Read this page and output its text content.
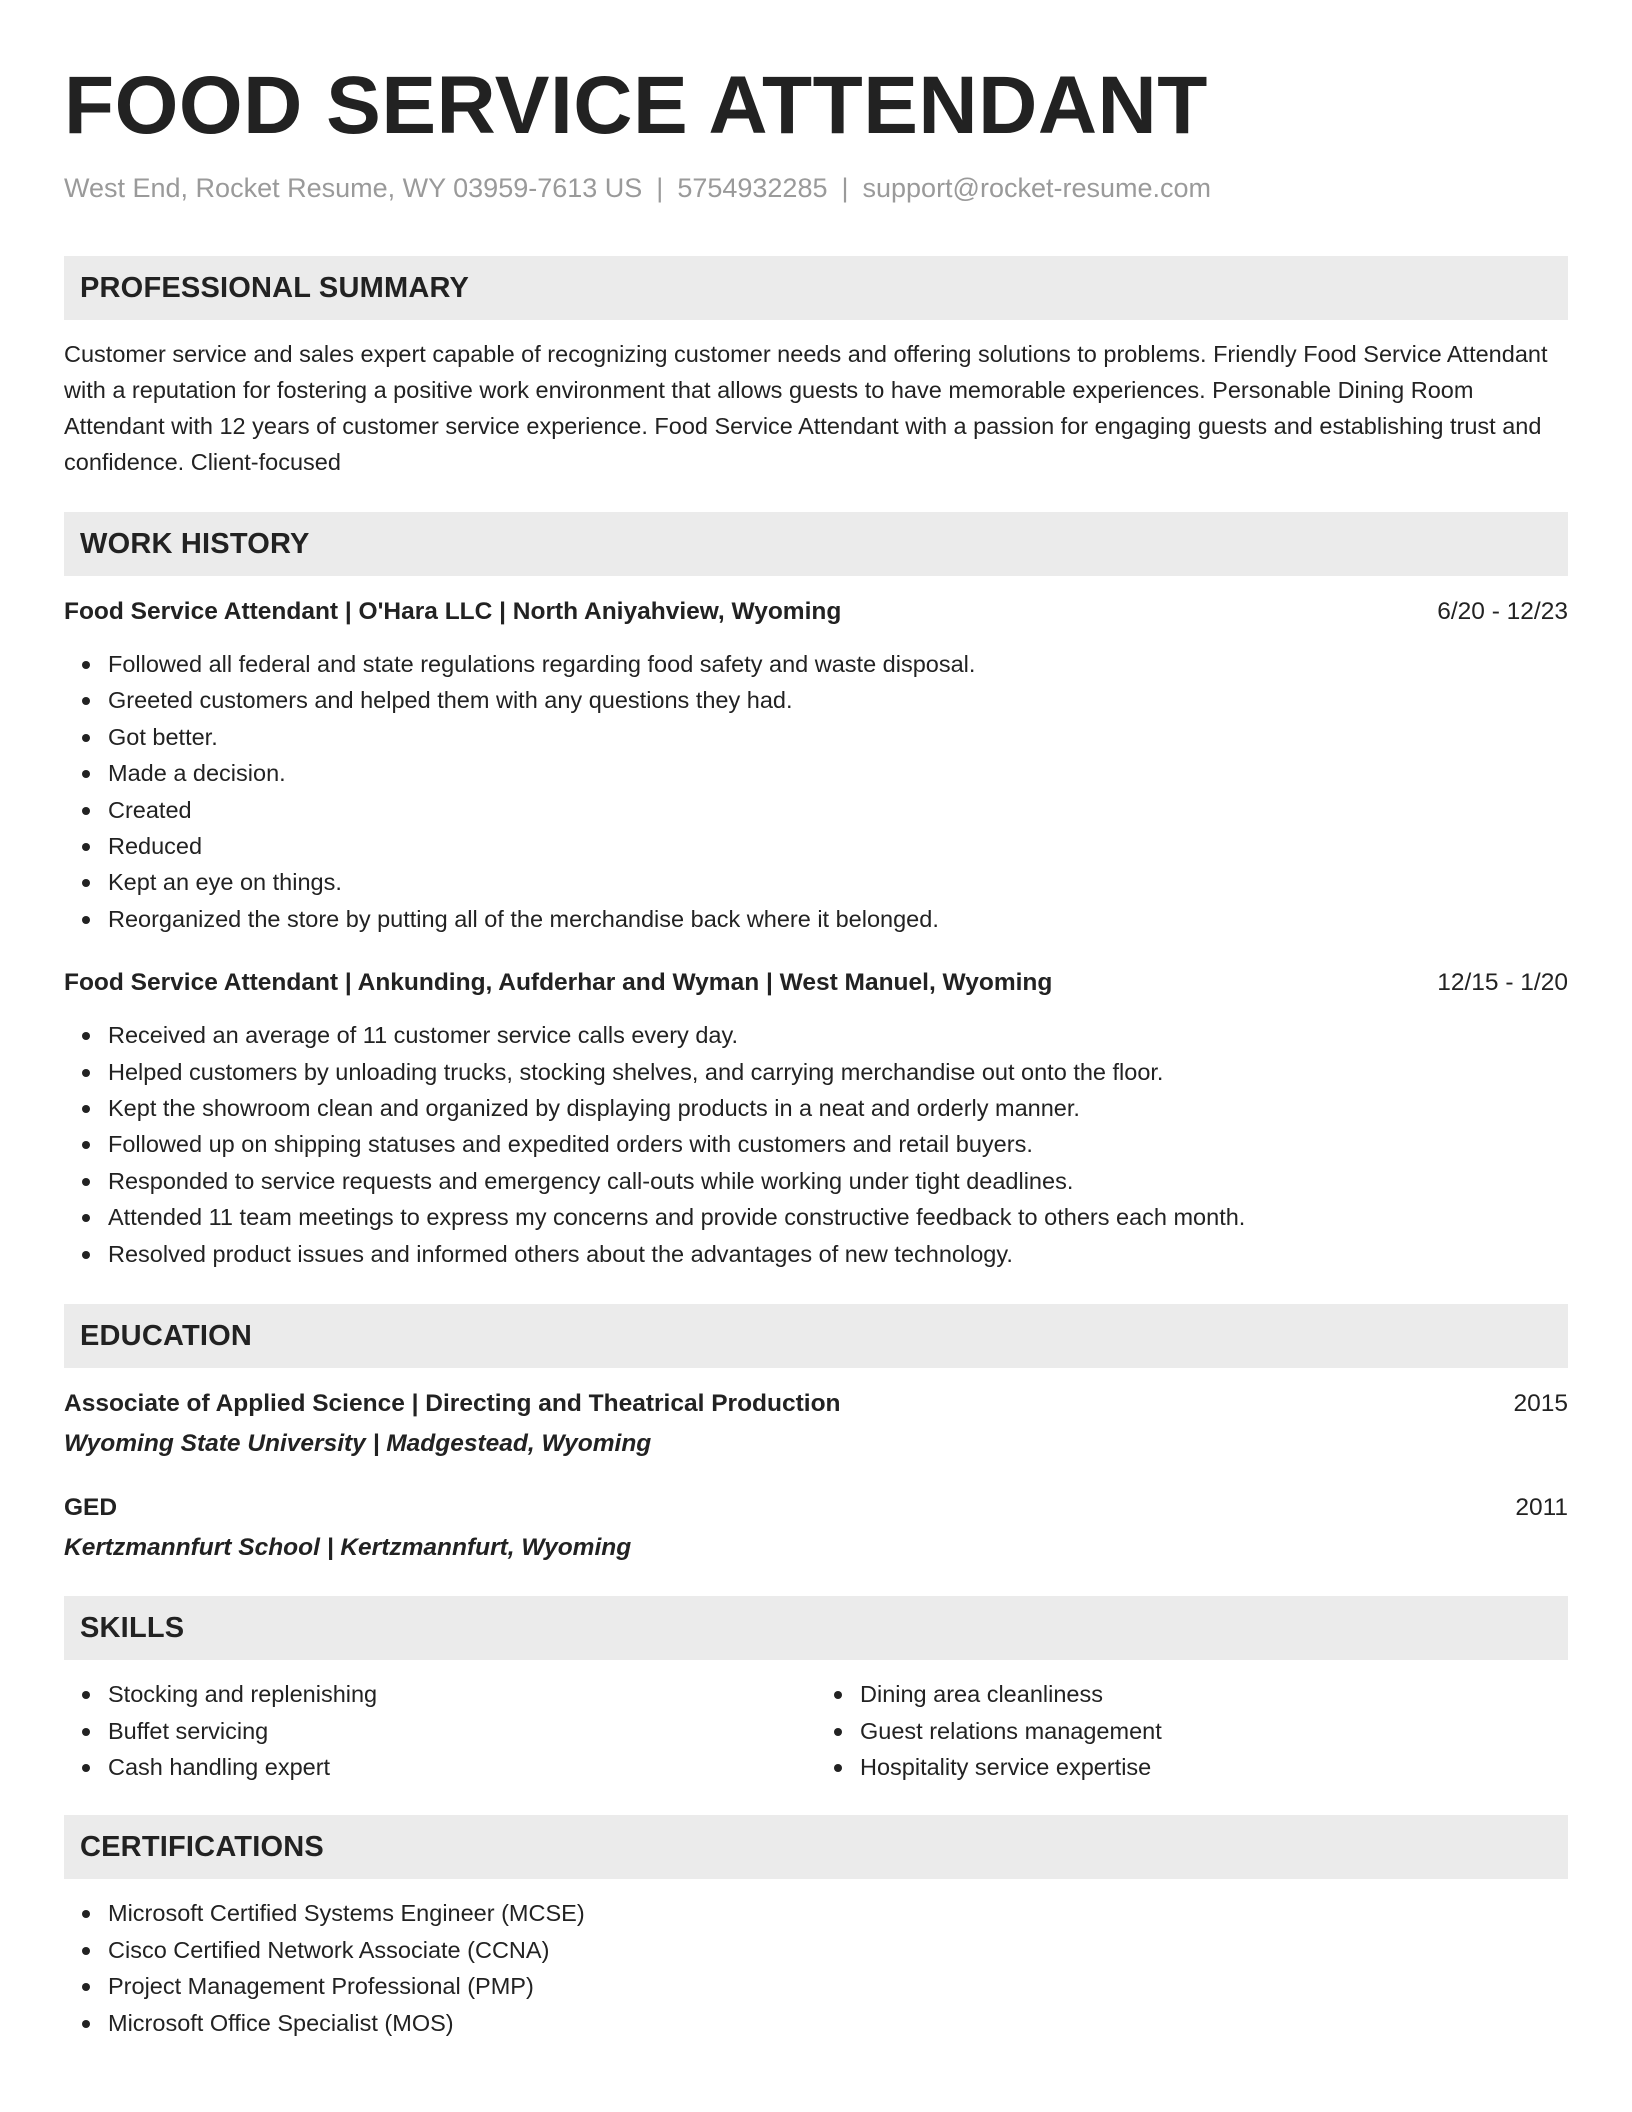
FOOD SERVICE ATTENDANT
West End, Rocket Resume, WY 03959-7613 US | 5754932285 | support@rocket-resume.com
PROFESSIONAL SUMMARY

Customer service and sales expert capable of recognizing customer needs and offering solutions to problems. Friendly Food Service Attendant with a reputation for fostering a positive work environment that allows guests to have memorable experiences. Personable Dining Room Attendant with 12 years of customer service experience. Food Service Attendant with a passion for engaging guests and establishing trust and confidence. Client-focused

WORK HISTORY
Food Service Attendant | O'Hara LLC | North Aniyahview, Wyoming	6/20 - 12/23
Followed all federal and state regulations regarding food safety and waste disposal.
Greeted customers and helped them with any questions they had.
Got better.
Made a decision.
Created
Reduced
Kept an eye on things.
Reorganized the store by putting all of the merchandise back where it belonged.
Food Service Attendant | Ankunding, Aufderhar and Wyman | West Manuel, Wyoming	12/15 - 1/20
Received an average of 11 customer service calls every day.
Helped customers by unloading trucks, stocking shelves, and carrying merchandise out onto the floor.
Kept the showroom clean and organized by displaying products in a neat and orderly manner.
Followed up on shipping statuses and expedited orders with customers and retail buyers.
Responded to service requests and emergency call-outs while working under tight deadlines.
Attended 11 team meetings to express my concerns and provide constructive feedback to others each month.
Resolved product issues and informed others about the advantages of new technology.
EDUCATION
Associate of Applied Science | Directing and Theatrical Production	2015
Wyoming State University | Madgestead, Wyoming
GED	2011
Kertzmannfurt School | Kertzmannfurt, Wyoming
SKILLS
Stocking and replenishing
Buffet servicing
Cash handling expert
Dining area cleanliness
Guest relations management
Hospitality service expertise
CERTIFICATIONS
Microsoft Certified Systems Engineer (MCSE)
Cisco Certified Network Associate (CCNA)
Project Management Professional (PMP)
Microsoft Office Specialist (MOS)
